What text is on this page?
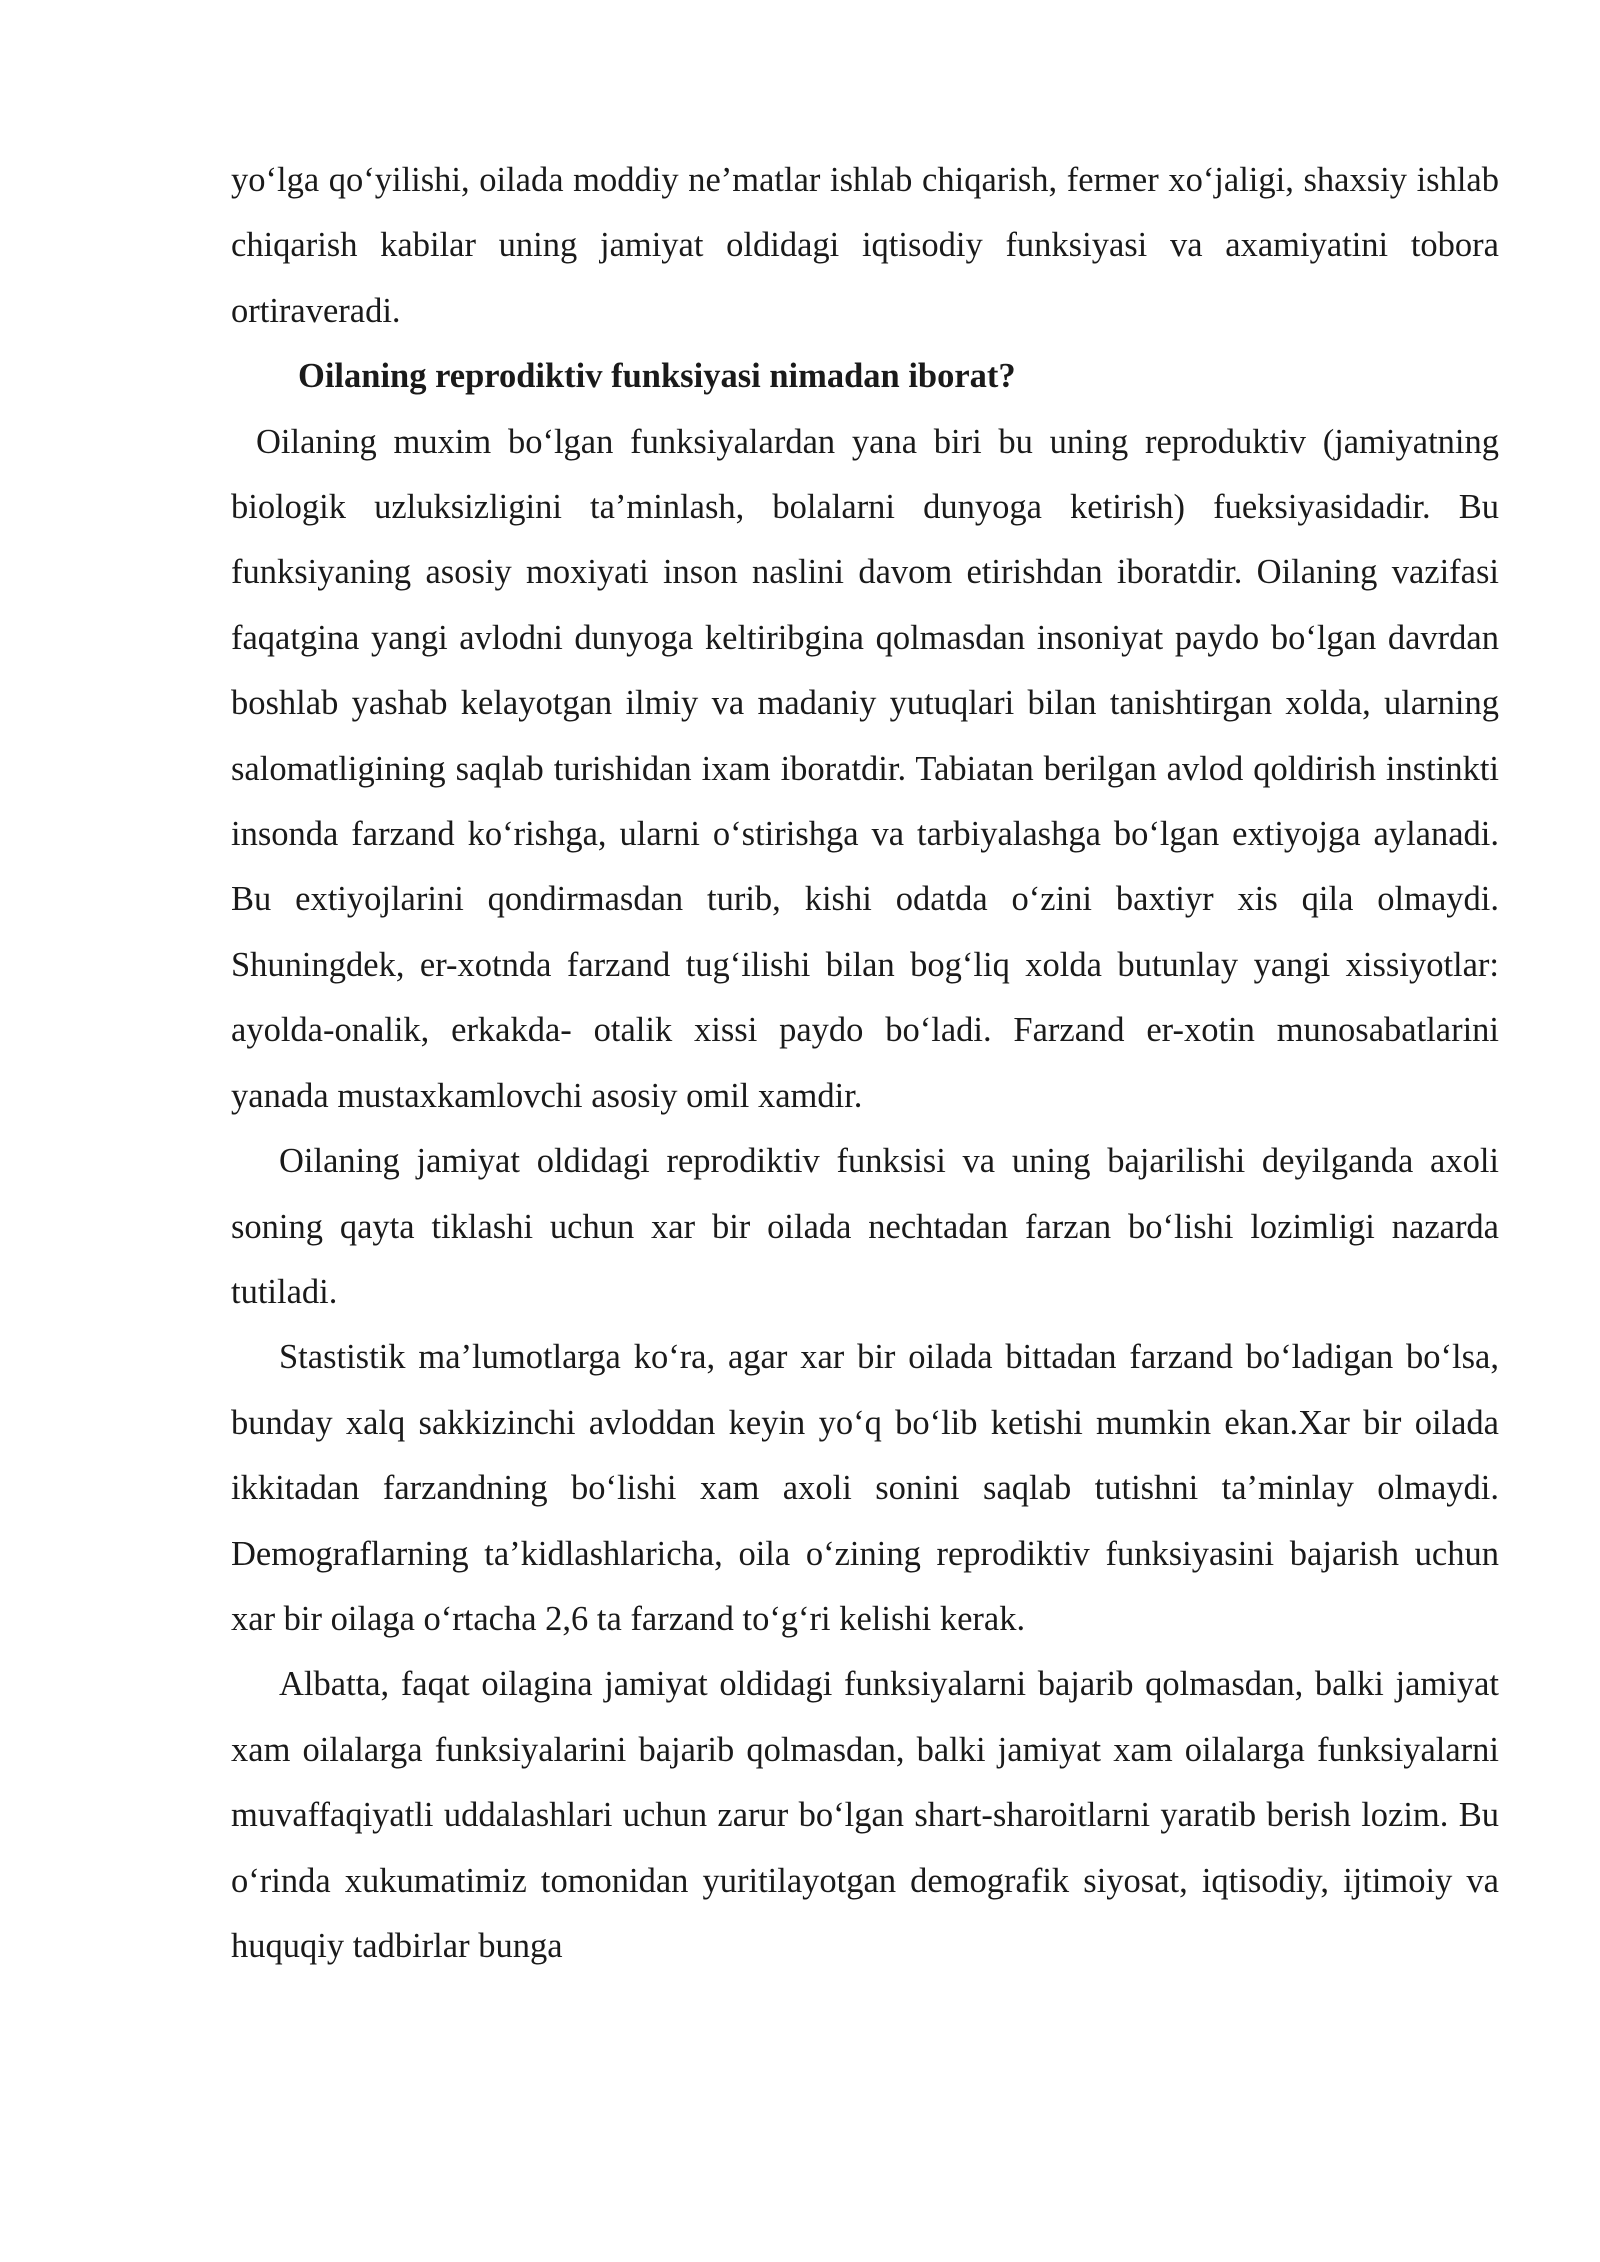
yo‘lga qo‘yilishi, oilada moddiy ne’matlar ishlab chiqarish, fermer xo‘jaligi, shaxsiy ishlab chiqarish kabilar uning jamiyat oldidagi iqtisodiy funksiyasi va axamiyatini tobora ortiraveradi.

Oilaning reprodiktiv funksiyasi nimadan iborat?

Oilaning muxim bo‘lgan funksiyalardan yana biri bu uning reproduktiv (jamiyatning biologik uzluksizligini ta’minlash, bolalarni dunyoga ketirish) fueksiyasidadir. Bu funksiyaning asosiy moxiyati inson naslini davom etirishdan iboratdir. Oilaning vazifasi faqatgina yangi avlodni dunyoga keltiribgina qolmasdan insoniyat paydo bo‘lgan davrdan boshlab yashab kelayotgan ilmiy va madaniy yutuqlari bilan tanishtirgan xolda, ularning salomatligining saqlab turishidan ixam iboratdir. Tabiatan berilgan avlod qoldirish instinkti insonda farzand ko‘rishga, ularni o‘stirishga va tarbiyalashga bo‘lgan extiyojga aylanadi. Bu extiyojlarini qondirmasdan turib, kishi odatda o‘zini baxtiyr xis qila olmaydi. Shuningdek, er-xotnda farzand tug‘ilishi bilan bog‘liq xolda butunlay yangi xissiyotlar: ayolda-onalik, erkakda- otalik xissi paydo bo‘ladi. Farzand er-xotin munosabatlarini yanada mustaxkamlovchi asosiy omil xamdir.

Oilaning jamiyat oldidagi reprodiktiv funksisi va uning bajarilishi deyilganda axoli soning qayta tiklashi uchun xar bir oilada nechtadan farzan bo‘lishi lozimligi nazarda tutiladi.

Stastistik ma’lumotlarga ko‘ra, agar xar bir oilada bittadan farzand bo‘ladigan bo‘lsa, bunday xalq sakkizinchi avloddan keyin yo‘q bo‘lib ketishi mumkin ekan.Xar bir oilada ikkitadan farzandning bo‘lishi xam axoli sonini saqlab tutishni ta’minlay olmaydi. Demograflarning ta’kidlashlaricha, oila o‘zining reprodiktiv funksiyasini bajarish uchun xar bir oilaga o‘rtacha 2,6 ta farzand to‘g‘ri kelishi kerak.

Albatta, faqat oilagina jamiyat oldidagi funksiyalarni bajarib qolmasdan, balki jamiyat xam oilalarga funksiyalarini bajarib qolmasdan, balki jamiyat xam oilalarga funksiyalarni muvaffaqiyatli uddalashlari uchun zarur bo‘lgan shart-sharoitlarni yaratib berish lozim. Bu o‘rinda xukumatimiz tomonidan yuritilayotgan demografik siyosat, iqtisodiy, ijtimoiy va huquqiy tadbirlar bunga
